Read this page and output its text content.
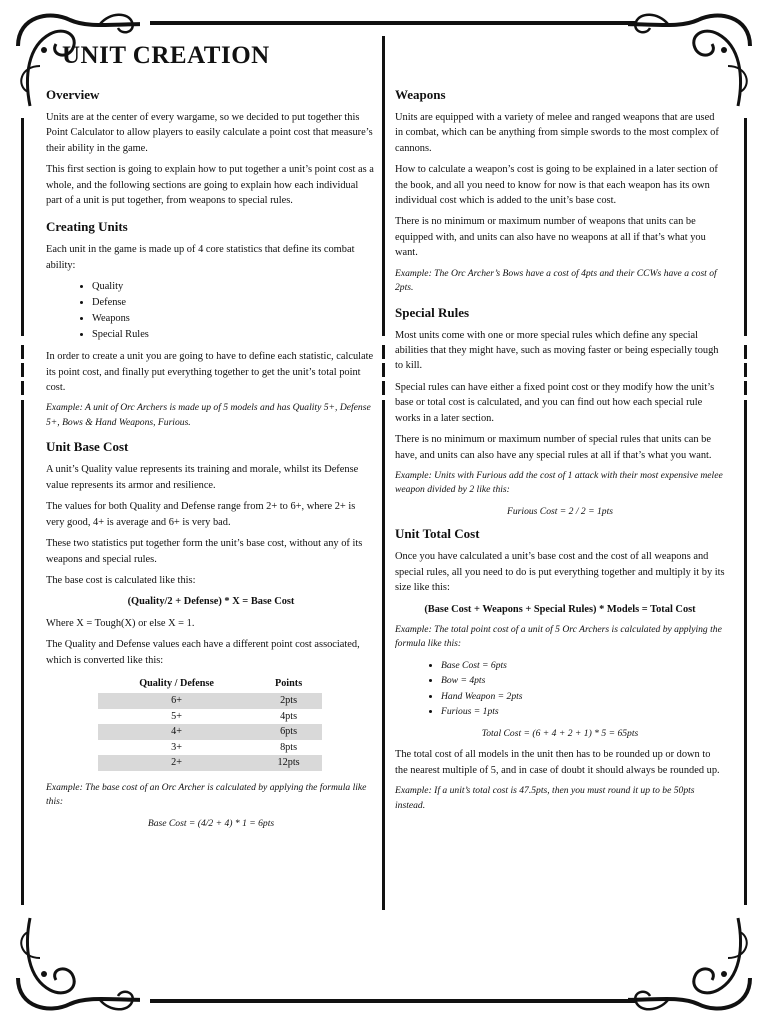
UNIT CREATION
Overview

Units are at the center of every wargame, so we decided to put together this Point Calculator to allow players to easily calculate a point cost that measure’s their ability in the game.

This first section is going to explain how to put together a unit’s point cost as a whole, and the following sections are going to explain how each individual part of a unit is put together, from weapons to special rules.

Creating Units

Each unit in the game is made up of 4 core statistics that define its combat ability:

• Quality
• Defense
• Weapons
• Special Rules

In order to create a unit you are going to have to define each statistic, calculate its point cost, and finally put everything together to get the unit’s total point cost.

Example: A unit of Orc Archers is made up of 5 models and has Quality 5+, Defense 5+, Bows & Hand Weapons, Furious.

Unit Base Cost

A unit’s Quality value represents its training and morale, whilst its Defense value represents its armor and resilience.

The values for both Quality and Defense range from 2+ to 6+, where 2+ is very good, 4+ is average and 6+ is very bad.

These two statistics put together form the unit’s base cost, without any of its weapons and special rules.

The base cost is calculated like this:

(Quality/2 + Defense) * X = Base Cost

Where X = Tough(X) or else X = 1.

The Quality and Defense values each have a different point cost associated, which is converted like this:

Quality / Defense	Points
6+	2pts
5+	4pts
4+	6pts
3+	8pts
2+	12pts

Example: The base cost of an Orc Archer is calculated by applying the formula like this:

Base Cost = (4/2 + 4) * 1 = 6pts

Weapons

Units are equipped with a variety of melee and ranged weapons that are used in combat, which can be anything from simple swords to the most complex of cannons.

How to calculate a weapon’s cost is going to be explained in a later section of the book, and all you need to know for now is that each weapon has its own individual cost which is added to the unit’s base cost.

There is no minimum or maximum number of weapons that units can be equipped with, and units can also have no weapons at all if that’s what you want.

Example: The Orc Archer’s Bows have a cost of 4pts and their CCWs have a cost of 2pts.

Special Rules

Most units come with one or more special rules which define any special abilities that they might have, such as moving faster or being especially tough to kill.

Special rules can have either a fixed point cost or they modify how the unit’s base or total cost is calculated, and you can find out how each special rule works in a later section.

There is no minimum or maximum number of special rules that units can be have, and units can also have any special rules at all if that’s what you want.

Example: Units with Furious add the cost of 1 attack with their most expensive melee weapon divided by 2 like this:

Furious Cost = 2 / 2 = 1pts

Unit Total Cost

Once you have calculated a unit’s base cost and the cost of all weapons and special rules, all you need to do is put everything together and multiply it by its size like this:

(Base Cost + Weapons + Special Rules) * Models = Total Cost

Example: The total point cost of a unit of 5 Orc Archers is calculated by applying the formula like this:

• Base Cost = 6pts
• Bow = 4pts
• Hand Weapon = 2pts
• Furious = 1pts

Total Cost = (6 + 4 + 2 + 1) * 5 = 65pts

The total cost of all models in the unit then has to be rounded up or down to the nearest multiple of 5, and in case of doubt it should always be rounded up.

Example: If a unit’s total cost is 47.5pts, then you must round it up to be 50pts instead.
